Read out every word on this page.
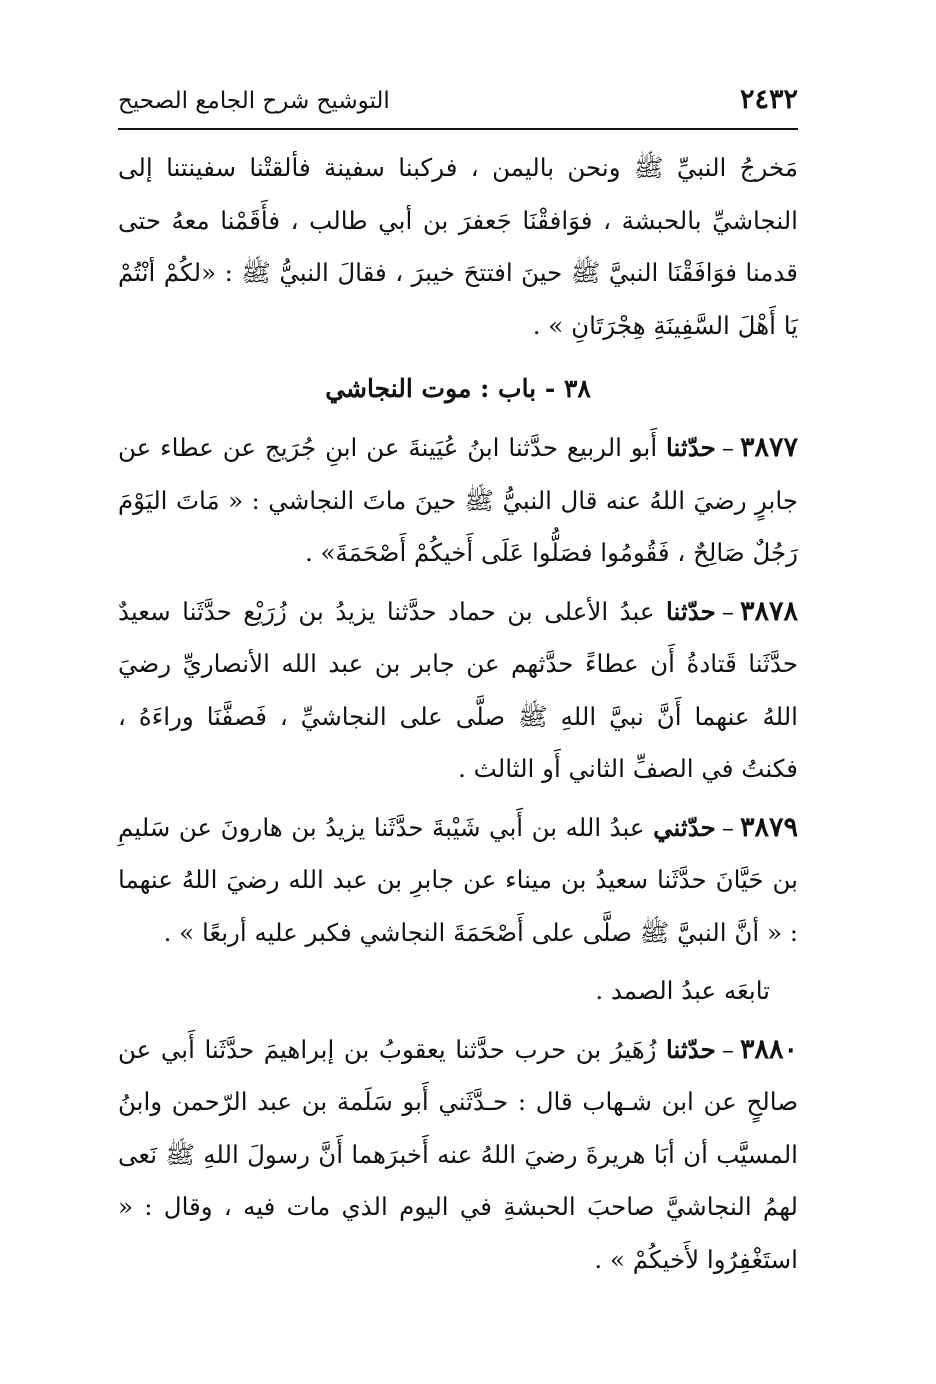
٢٤٣٢
التوشيح شرح الجامع الصحيح

مَخرجُ النبيِّ ﷺ ونحن باليمن ، فركبنا سفينة فألقتْنا سفينتنا إلى النجاشيِّ بالحبشة ، فوَافقْنَا جَعفرَ بن أبي طالب ، فأَقَمْنا معهُ حتى قدمنا فوَافَقْنَا النبيَّ ﷺ حينَ افتتحَ خيبرَ ، فقالَ النبيُّ ﷺ : «لكُمْ أنْتُمْ يَا أَهْلَ السَّفِينَةِ هِجْرَتَانِ » .

٣٨ - باب : موت النجاشي

٣٨٧٧–حدّثنا أَبو الربيع حدَّثنا ابنُ عُيَينةَ عن ابنِ جُرَيج عن عطاء عن جابرٍ رضيَ اللهُ عنه قال النبيُّ ﷺ حينَ ماتَ النجاشي : « مَاتَ اليَوْمَ رَجُلٌ صَالِحٌ ، فَقُومُوا فصَلُّوا عَلَى أَخيكُمْ أَصْحَمَةَ» .

٣٨٧٨–حدّثنا عبدُ الأعلى بن حماد حدَّثنا يزيدُ بن زُرَيْع حدَّثَنا سعيدٌ حدَّثَنا قَتادةُ أَن عطاءً حدَّثهم عن جابر بن عبد الله الأنصاريِّ رضيَ اللهُ عنهما أَنَّ نبيَّ اللهِ ﷺ صلَّى على النجاشيِّ ، فَصفَّنَا وراءَهُ ، فكنتُ في الصفِّ الثاني أَو الثالث .

٣٨٧٩–حدّثني عبدُ الله بن أَبي شَيْبةَ حدَّثَنا يزيدُ بن هارونَ عن سَليمِ بن حَيَّانَ حدَّثَنا سعيدُ بن ميناء عن جابرِ بن عبد الله رضيَ اللهُ عنهما : « أنَّ النبيَّ ﷺ صلَّى على أَصْحَمَةَ النجاشي فكبر عليه أربعًا » .

تابعَه عبدُ الصمد .

٣٨٨٠–حدّثنا زُهَيرُ بن حرب حدَّثنا يعقوبُ بن إبراهيمَ حدَّثَنا أَبي عن صالحٍ عن ابن شـهاب قال : حـدَّثَني أَبو سَلَمة بن عبد الرّحمن وابنُ المسيَّب أن أبَا هريرةَ رضيَ اللهُ عنه أَخبرَهما أَنَّ رسولَ اللهِ ﷺ نَعى لهمُ النجاشيَّ صاحبَ الحبشةِ في اليوم الذي مات فيه ، وقال : « استَغْفِرُوا لأَخيكُمْ » .
